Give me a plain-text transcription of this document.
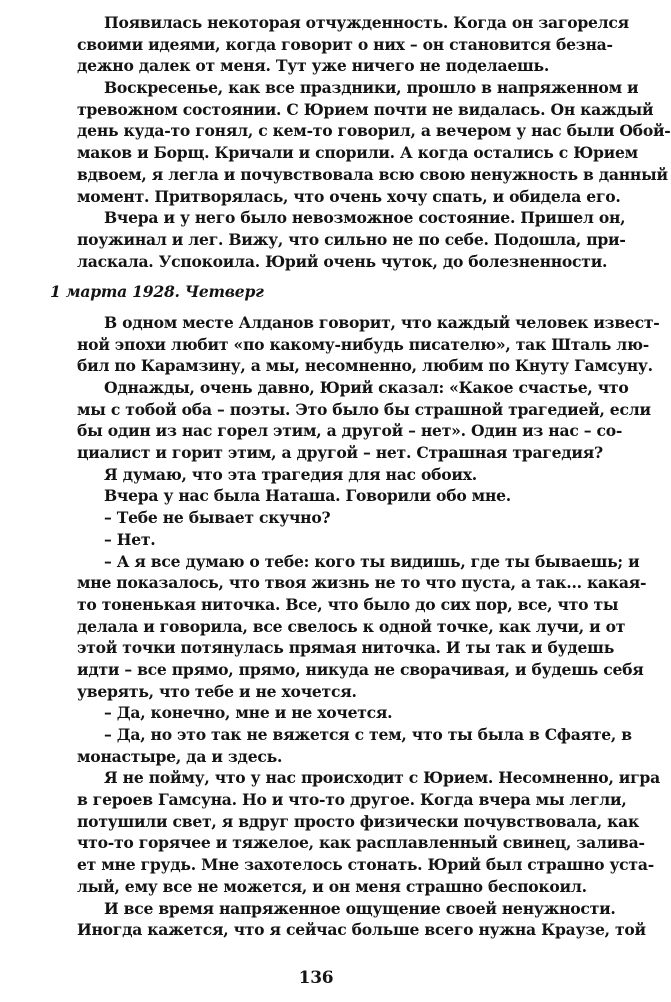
Появилась некоторая отчужденность. Когда он загорелся
своими идеями, когда говорит о них – он становится безна-
дежно далек от меня. Тут уже ничего не поделаешь.
Воскресенье, как все праздники, прошло в напряженном и
тревожном состоянии. С Юрием почти не видалась. Он каждый
день куда-то гонял, с кем-то говорил, а вечером у нас были Обой-
маков и Борщ. Кричали и спорили. А когда остались с Юрием
вдвоем, я легла и почувствовала всю свою ненужность в данный
момент. Притворялась, что очень хочу спать, и обидела его.
Вчера и у него было невозможное состояние. Пришел он,
поужинал и лег. Вижу, что сильно не по себе. Подошла, при-
ласкала. Успокоила. Юрий очень чуток, до болезненности.
1 марта 1928. Четверг
В одном месте Алданов говорит, что каждый человек извест-
ной эпохи любит «по какому-нибудь писателю», так Шталь лю-
бил по Карамзину, а мы, несомненно, любим по Кнуту Гамсуну.
Однажды, очень давно, Юрий сказал: «Какое счастье, что
мы с тобой оба – поэты. Это было бы страшной трагедией, если
бы один из нас горел этим, а другой – нет». Один из нас – со-
циалист и горит этим, а другой – нет. Страшная трагедия?
Я думаю, что эта трагедия для нас обоих.
Вчера у нас была Наташа. Говорили обо мне.
– Тебе не бывает скучно?
– Нет.
– А я все думаю о тебе: кого ты видишь, где ты бываешь; и
мне показалось, что твоя жизнь не то что пуста, а так... какая-
то тоненькая ниточка. Все, что было до сих пор, все, что ты
делала и говорила, все свелось к одной точке, как лучи, и от
этой точки потянулась прямая ниточка. И ты так и будешь
идти – все прямо, прямо, никуда не сворачивая, и будешь себя
уверять, что тебе и не хочется.
– Да, конечно, мне и не хочется.
– Да, но это так не вяжется с тем, что ты была в Сфаяте, в
монастыре, да и здесь.
Я не пойму, что у нас происходит с Юрием. Несомненно, игра
в героев Гамсуна. Но и что-то другое. Когда вчера мы легли,
потушили свет, я вдруг просто физически почувствовала, как
что-то горячее и тяжелое, как расплавленный свинец, залива-
ет мне грудь. Мне захотелось стонать. Юрий был страшно уста-
лый, ему все не можется, и он меня страшно беспокоил.
И все время напряженное ощущение своей ненужности.
Иногда кажется, что я сейчас больше всего нужна Краузе, той
136
